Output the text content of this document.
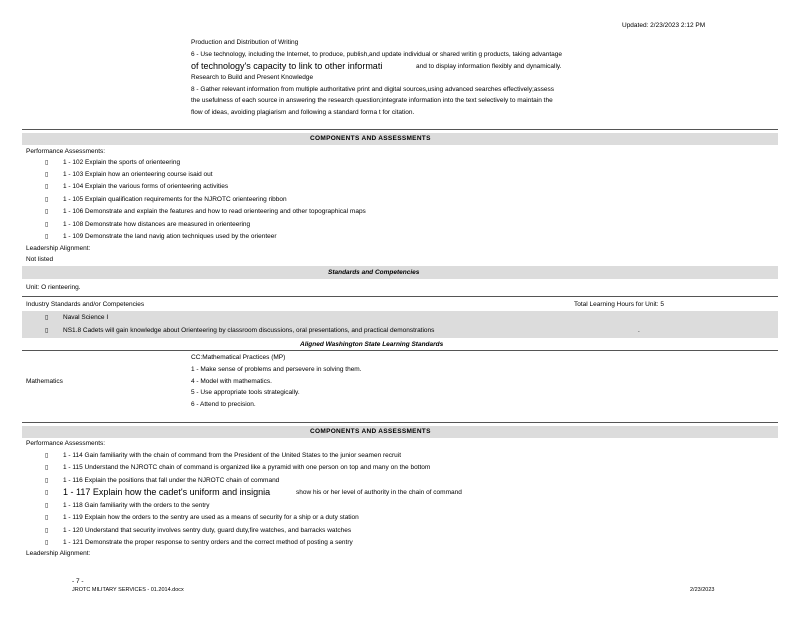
Updated: 2/23/2023 2:12 PM
Production and Distribution of Writing
6 - Use technology, including the Internet, to produce, publish,and update individual or shared writin g products, taking advantage
of technology's capacity to link to other informati	and to display information flexibly and dynamically.
Research to Build and Present Knowledge
8 - Gather relevant information from multiple authoritative print and digital sources,using advanced searches effectively;assess
the usefulness of each source in answering the research question;integrate information into the text selectively to maintain the
flow of ideas, avoiding plagiarism and following a standard forma t for citation.
COMPONENTS AND ASSESSMENTS
Performance Assessments:
▯ 1 - 102 Explain the sports of orienteering
▯ 1 - 103 Explain how an orienteering course isaid out
▯ 1 - 104 Explain the various forms of orienteering activities
▯ 1 - 105 Explain qualification requirements for the NJROTC orienteering ribbon
▯ 1 - 106 Demonstrate and explain the features and how to read orienteering and other topographical maps
▯ 1 - 108 Demonstrate how distances are measured in orienteering
▯ 1 - 109 Demonstrate the land navig ation techniques used by the orienteer
Leadership Alignment:
Not listed
Standards and Competencies
Unit: O rienteering.
Industry Standards and/or Competencies	Total Learning Hours for Unit: 5
▯ Naval Science I
▯ NS1.8 Cadets will gain knowledge about Orienteering by classroom discussions, oral presentations, and practical demonstrations	.
Aligned Washington State Learning Standards
Mathematics
CC:Mathematical Practices (MP)
1 - Make sense of problems and persevere in solving them.
4 - Model with mathematics.
5 - Use appropriate tools strategically.
6 - Attend to precision.
COMPONENTS AND ASSESSMENTS
Performance Assessments:
▯ 1 - 114 Gain familiarity with the chain of command from the President of the United States to the junior seamen recruit
▯ 1 - 115 Understand the NJROTC chain of command is organized like a pyramid with one person on top and many on the bottom
▯ 1 - 116 Explain the positions that fall under the NJROTC chain of command
▯ 1 - 117 Explain how the cadet's uniform and insignia	show his or her level of authority in the chain of command
▯ 1 - 118 Gain familiarity with the orders to the sentry
▯ 1 - 119 Explain how the orders to the sentry are used as a means of security for a ship or a duty station
▯ 1 - 120 Understand that security involves sentry duty, guard duty,fire watches, and barracks watches
▯ 1 - 121 Demonstrate the proper response to sentry orders and the correct method of posting a sentry
Leadership Alignment:
- 7 -
JROTC MILITARY SERVICES - 01.2014.docx	2/23/2023
